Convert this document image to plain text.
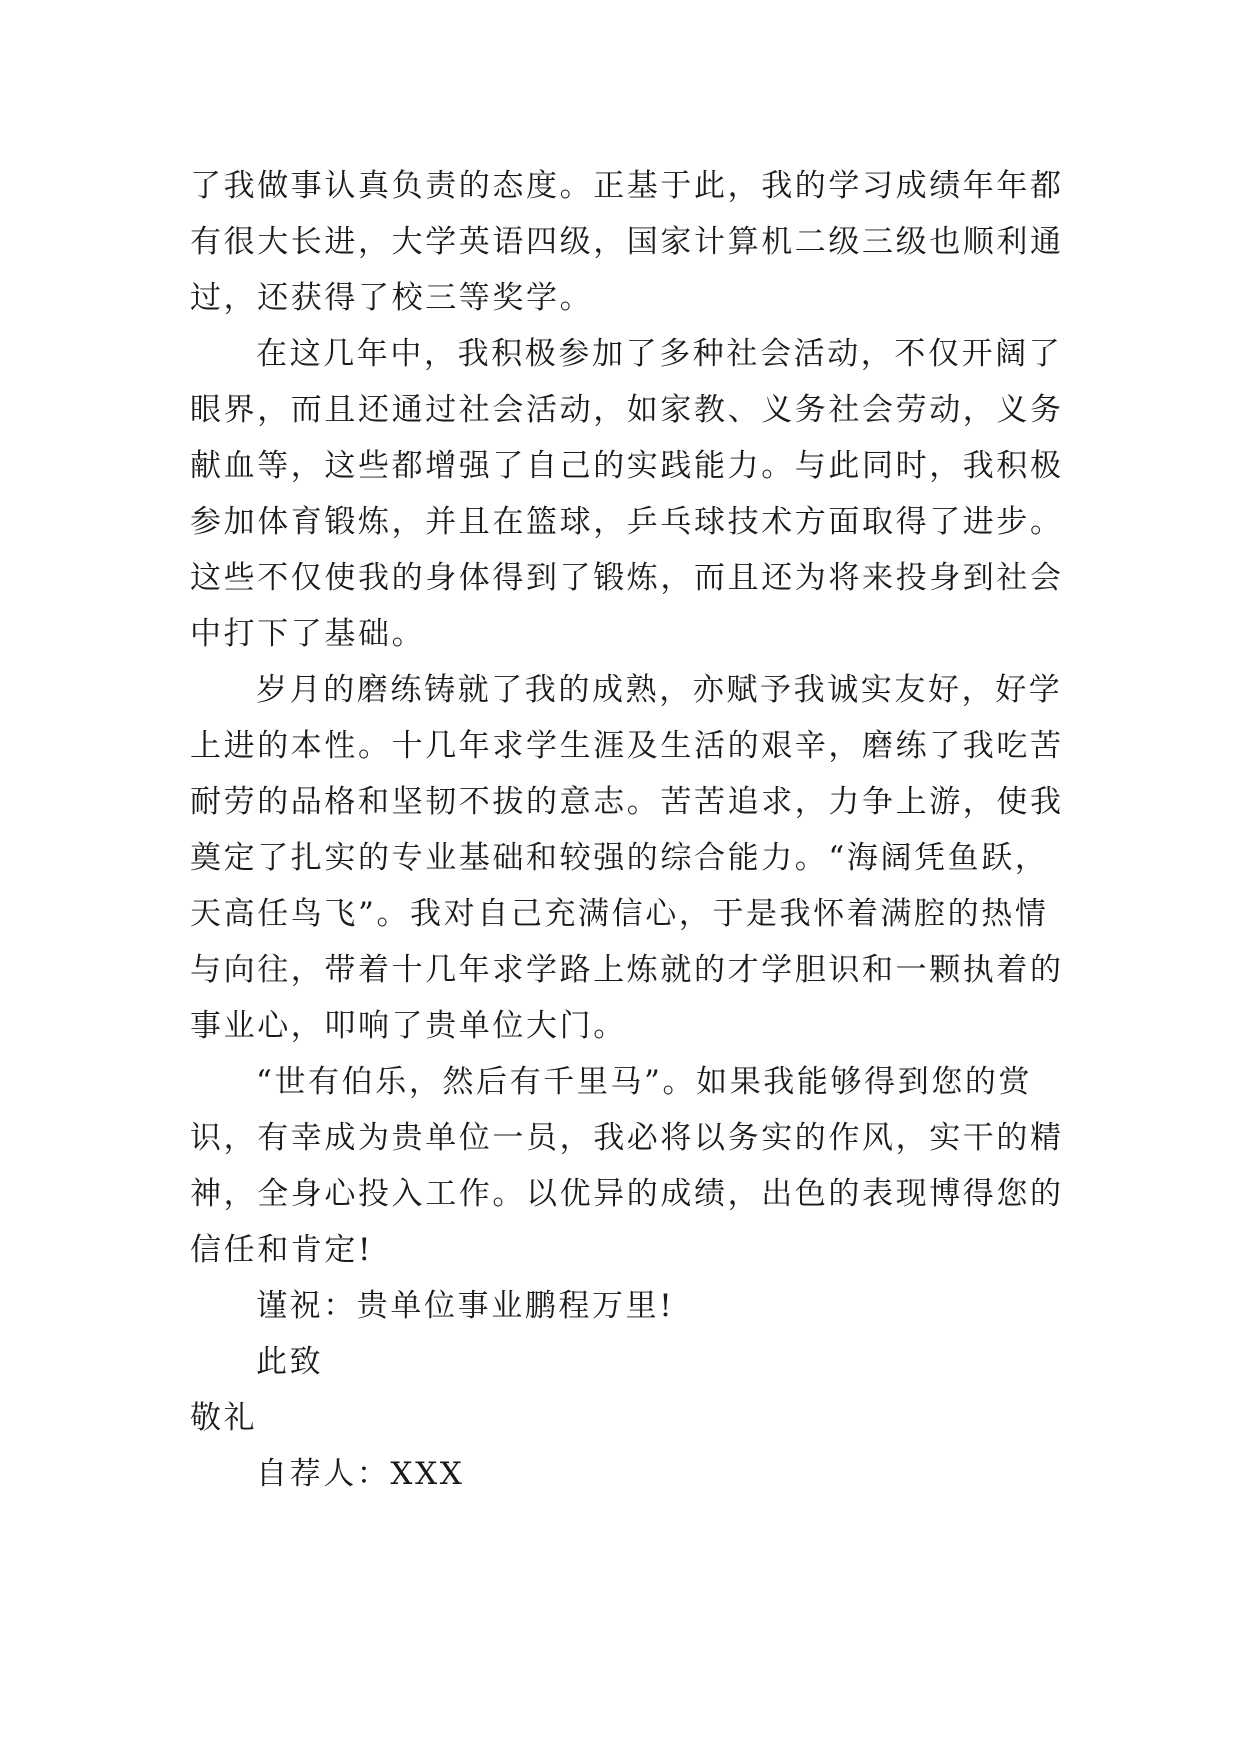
了我做事认真负责的态度。正基于此，我的学习成绩年年都
有很大长进，大学英语四级，国家计算机二级三级也顺利通
过，还获得了校三等奖学。
在这几年中，我积极参加了多种社会活动，不仅开阔了
眼界，而且还通过社会活动，如家教、义务社会劳动，义务
献血等，这些都增强了自己的实践能力。与此同时，我积极
参加体育锻炼，并且在篮球，乒乓球技术方面取得了进步。
这些不仅使我的身体得到了锻炼，而且还为将来投身到社会
中打下了基础。
岁月的磨练铸就了我的成熟，亦赋予我诚实友好，好学
上进的本性。十几年求学生涯及生活的艰辛，磨练了我吃苦
耐劳的品格和坚韧不拔的意志。苦苦追求，力争上游，使我
奠定了扎实的专业基础和较强的综合能力。“海阔凭鱼跃，
天高任鸟飞”。我对自己充满信心，于是我怀着满腔的热情
与向往，带着十几年求学路上炼就的才学胆识和一颗执着的
事业心，叩响了贵单位大门。
“世有伯乐，然后有千里马”。如果我能够得到您的赏
识，有幸成为贵单位一员，我必将以务实的作风，实干的精
神，全身心投入工作。以优异的成绩，出色的表现博得您的
信任和肯定!
谨祝：贵单位事业鹏程万里!
此致
敬礼
自荐人：XXX
